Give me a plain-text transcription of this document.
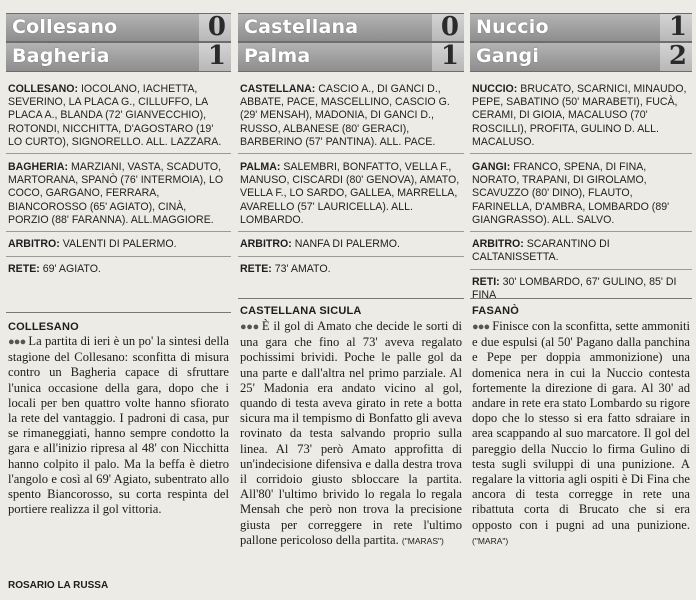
Collesano	0
Bagheria	1
COLLESANO: IOCOLANO, IACHETTA, SEVERINO, LA PLACA G., CILLUFFO, LA PLACA A., BLANDA (72' GIANVECCHIO), ROTONDI, NICCHITTA, D'AGOSTARO (19' LO CURTO), SIGNORELLO. ALL. LAZZARA.
BAGHERIA: MARZIANI, VASTA, SCADUTO, MARTORANA, SPANÒ (76' INTERMOIA), LO COCO, GARGANO, FERRARA, BIANCOROSSO (65' AGIATO), CINÀ, PORZIO (88' FARANNA). ALL.MAGGIORE.
ARBITRO: VALENTI DI PALERMO.
RETE: 69' AGIATO.
COLLESANO
●●● La partita di ieri è un po' la sintesi della stagione del Collesano: sconfitta di misura contro un Bagheria capace di sfruttare l'unica occasione della gara, dopo che i locali per ben quattro volte hanno sfiorato la rete del vantaggio. I padroni di casa, pur se rimaneggiati, hanno sempre condotto la gara e all'inizio ripresa al 48' con Nicchitta hanno colpito il palo. Ma la beffa è dietro l'angolo e così al 69' Agiato, subentrato allo spento Biancorosso, su corta respinta del portiere realizza il gol vittoria.
ROSARIO LA RUSSA
Castellana	0
Palma	1
CASTELLANA: CASCIO A., DI GANCI D., ABBATE, PACE, MASCELLINO, CASCIO G. (29' MENSAH), MADONIA, DI GANCI D., RUSSO, ALBANESE (80' GERACI), BARBERINO (57' PANTINA). ALL. PACE.
PALMA: SALEMBRI, BONFATTO, VELLA F., MANUSO, CISCARDI (80' GENOVA), AMATO, VELLA F., LO SARDO, GALLEA, MARRELLA, AVARELLO (57' LAURICELLA). ALL. LOMBARDO.
ARBITRO: NANFA DI PALERMO.
RETE: 73' AMATO.
CASTELLANA SICULA
●●● È il gol di Amato che decide le sorti di una gara che fino al 73' aveva regalato pochissimi brividi. Poche le palle gol da una parte e dall'altra nel primo parziale. Al 25' Madonia era andato vicino al gol, quando di testa aveva girato in rete a botta sicura ma il tempismo di Bonfatto gli aveva rovinato da testa salvando proprio sulla linea. Al 73' però Amato approfitta di un'indecisione difensiva e dalla destra trova il corridoio giusto sbloccare la partita. All'80' l'ultimo brivido lo regala lo regala Mensah che però non trova la precisione giusta per correggere in rete l'ultimo pallone pericoloso della partita. ("MARAS")
Nuccio	1
Gangi	2
NUCCIO: BRUCATO, SCARNICI, MINAUDO, PEPE, SABATINO (50' MARABETI), FUCÀ, CERAMI, DI GIOIA, MACALUSO (70' ROSCILLI), PROFITA, GULINO D. ALL. MACALUSO.
GANGI: FRANCO, SPENA, DI FINA, NORATO, TRAPANI, DI GIROLAMO, SCAVUZZO (80' DINO), FLAUTO, FARINELLA, D'AMBRA, LOMBARDO (89' GIANGRASSO). ALL. SALVO.
ARBITRO: SCARANTINO DI CALTANISSETTA.
RETI: 30' LOMBARDO, 67' GULINO, 85' DI FINA
FASANÒ
●●● Finisce con la sconfitta, sette ammoniti e due espulsi (al 50' Pagano dalla panchina e Pepe per doppia ammonizione) una domenica nera in cui la Nuccio contesta fortemente la direzione di gara. Al 30' ad andare in rete era stato Lombardo su rigore dopo che lo stesso si era fatto sdraiare in area scappando al suo marcatore. Il gol del pareggio della Nuccio lo firma Gulino di testa sugli sviluppi di una punizione. A regalare la vittoria agli ospiti è Di Fina che ancora di testa corregge in rete una ribattuta corta di Brucato che si era opposto con i pugni ad una punizione. ("MARA")
